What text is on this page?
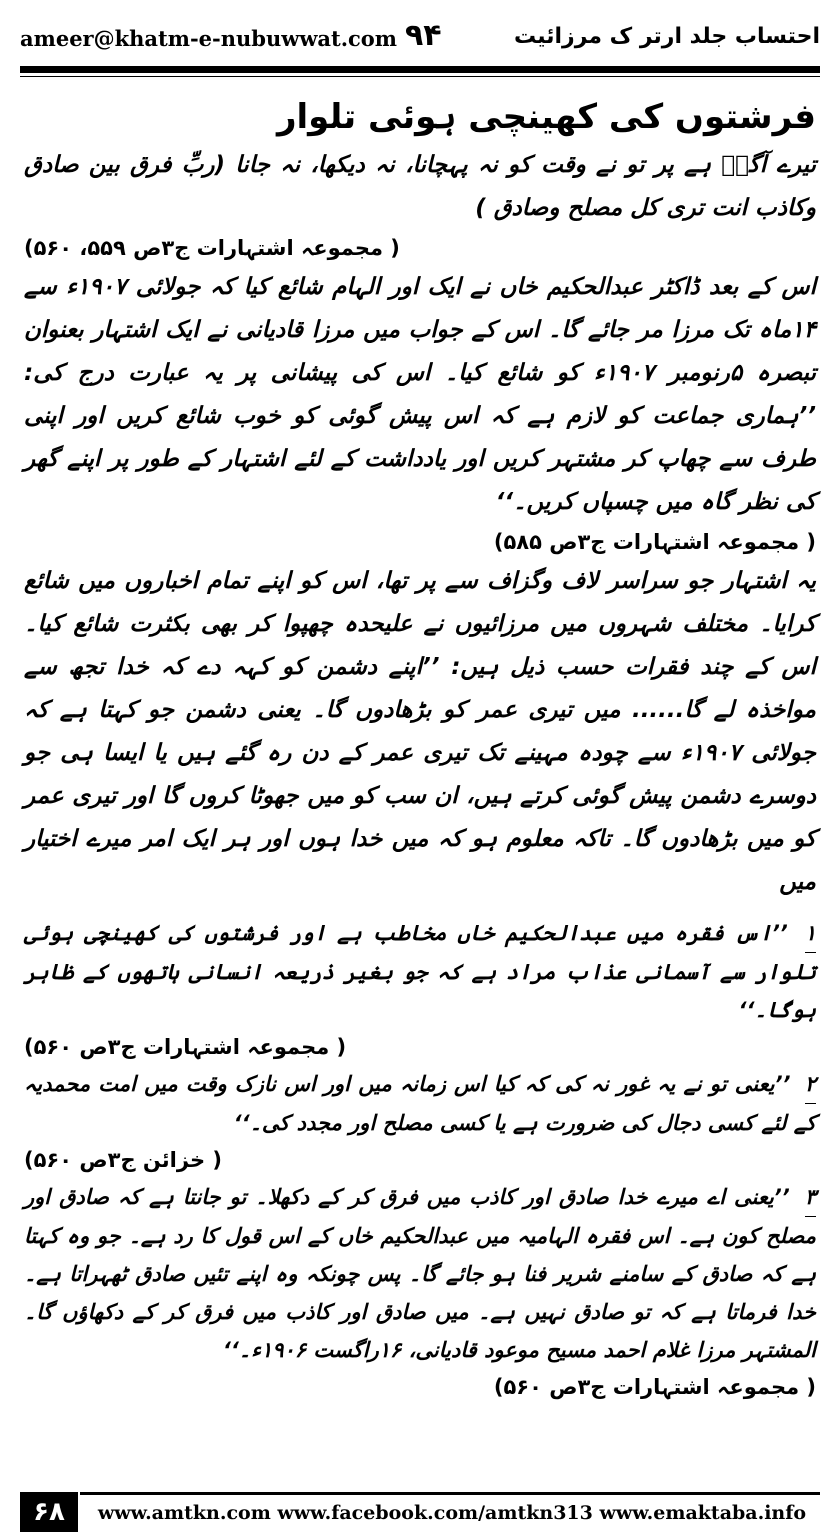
ameer@khatm-e-nubuwwat.com ۹۴	احتساب جلد ارتر ک مرزائیت
فرشتوں کی کھینچی ہوئی تلوار

تیرے آگےؑ ہے پر تو نے وقت کو نہ پہچانا، نہ دیکھا، نہ جانا (ربِّ فرق بین صادق وکاذب انت تری کل مصلح وصادق )

( مجموعہ اشتہارات ج۳ص ۵۵۹، ۵۶۰)

اس کے بعد ڈاکٹر عبدالحکیم خاں نے ایک اور الہام شائع کیا کہ جولائی ۱۹۰۷ء سے ۱۴ماہ تک مرزا مر جائے گا۔ اس کے جواب میں مرزا قادیانی نے ایک اشتہار بعنوان تبصرہ ۵رنومبر ۱۹۰۷ء کو شائع کیا۔ اس کی پیشانی پر یہ عبارت درج کی: ’’ہماری جماعت کو لازم ہے کہ اس پیش گوئی کو خوب شائع کریں اور اپنی طرف سے چھاپ کر مشتہر کریں اور یادداشت کے لئے اشتہار کے طور پر اپنے گھر کی نظر گاہ میں چسپاں کریں۔‘‘

( مجموعہ اشتہارات ج۳ص ۵۸۵)

یہ اشتہار جو سراسر لاف وگزاف سے پر تھا، اس کو اپنے تمام اخباروں میں شائع کرایا۔ مختلف شہروں میں مرزائیوں نے علیحدہ چھپوا کر بھی بکثرت شائع کیا۔ اس کے چند فقرات حسب ذیل ہیں: ’’اپنے دشمن کو کہہ دے کہ خدا تجھ سے مواخذہ لے گا...... میں تیری عمر کو بڑھادوں گا۔ یعنی دشمن جو کہتا ہے کہ جولائی ۱۹۰۷ء سے چودہ مہینے تک تیری عمر کے دن رہ گئے ہیں یا ایسا ہی جو دوسرے دشمن پیش گوئی کرتے ہیں، ان سب کو میں جھوٹا کروں گا اور تیری عمر کو میں بڑھادوں گا۔ تاکہ معلوم ہو کہ میں خدا ہوں اور ہر ایک امر میرے اختیار میں

۱ ’’اس فقرہ میں عبدالحکیم خاں مخاطب ہے اور فرشتوں کی کھینچی ہوئی تلوار سے آسمانی عذاب مراد ہے کہ جو بغیر ذریعہ انسانی ہاتھوں کے ظاہر ہوگا۔‘‘

( مجموعہ اشتہارات ج۳ص ۵۶۰)

۲ ’’یعنی تو نے یہ غور نہ کی کہ کیا اس زمانہ میں اور اس نازک وقت میں امت محمدیہ کے لئے کسی دجال کی ضرورت ہے یا کسی مصلح اور مجدد کی۔‘‘

( خزائن ج۳ص ۵۶۰)

۳ ’’یعنی اے میرے خدا صادق اور کاذب میں فرق کر کے دکھلا۔ تو جانتا ہے کہ صادق اور مصلح کون ہے۔ اس فقرہ الہامیہ میں عبدالحکیم خاں کے اس قول کا رد ہے۔ جو وہ کہتا ہے کہ صادق کے سامنے شریر فنا ہو جائے گا۔ پس چونکہ وہ اپنے تئیں صادق ٹھہراتا ہے۔ خدا فرماتا ہے کہ تو صادق نہیں ہے۔ میں صادق اور کاذب میں فرق کر کے دکھاؤں گا۔ المشتہر مرزا غلام احمد مسیح موعود قادیانی، ۱۶راگست ۱۹۰۶ء۔‘‘

( مجموعہ اشتہارات ج۳ص ۵۶۰)

۶۸	www.amtkn.com www.facebook.com/amtkn313 www.emaktaba.info
